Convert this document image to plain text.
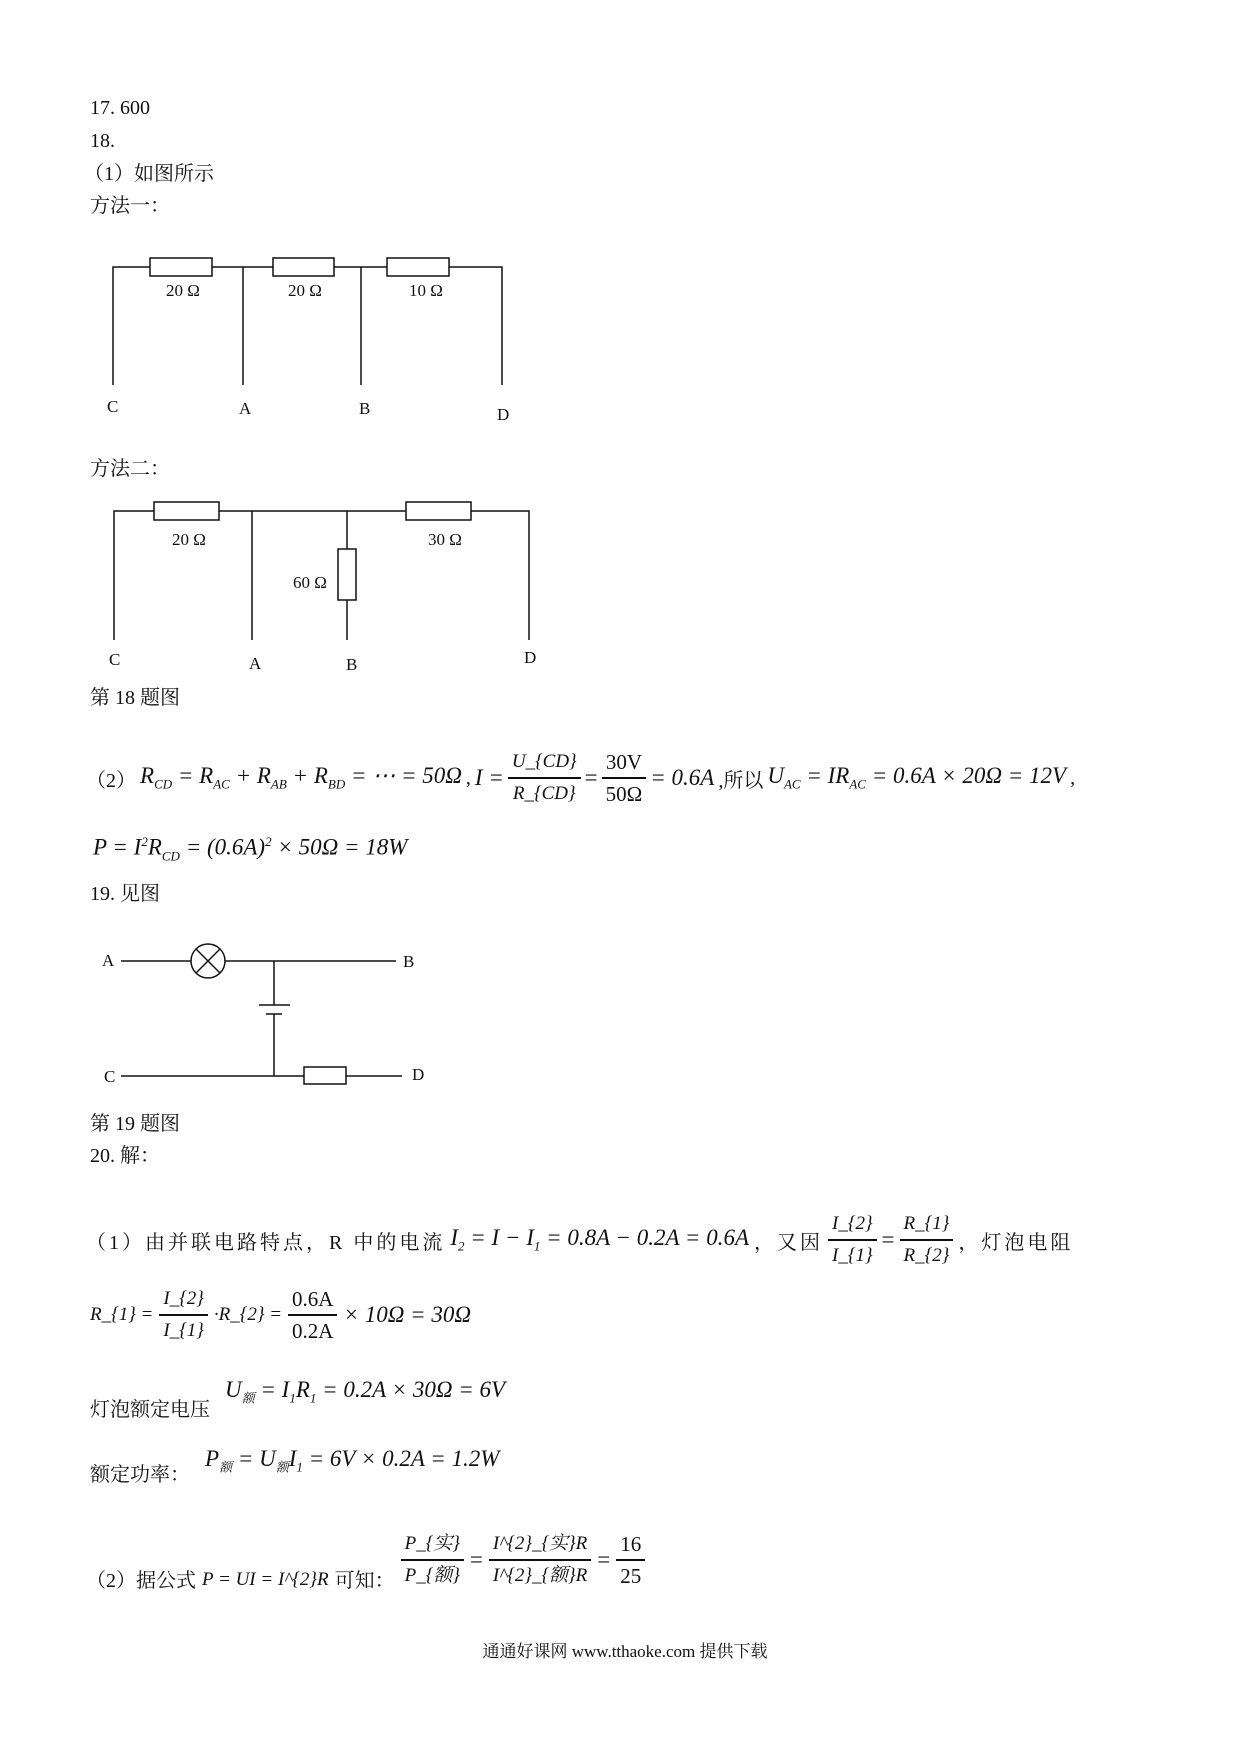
17. 600
18.
（1）如图所示
方法一：
20 Ω	20 Ω	10 Ω
C	A	B	D
方法二：
20 Ω
60 Ω
30 Ω
C	A	B	D
第 18 题图
（2） $R_{CD} = R_{AC} + R_{AB} + R_{BD}$ = ⋯ = 50Ω , $I = \frac{U\_\{CD\}}{R\_\{CD\}} = \frac{30V}{50\Omega} = 0.6A$ ,所以 $U_{AC} = IR_{AC} = 0.6A \times 20\Omega = 12V$ ,
$P = I^2R_{CD} = (0.6A)^2 \times 50\Omega = 18W$
19. 见图
A	B
C	D
第 19 题图
20. 解：
（1）由并联电路特点，R 中的电流 $I_2 = I - I_1 = 0.8A - 0.2A = 0.6A$ ，又因 $\frac{I\_\{2\}}{I\_\{1\}} = \frac{R\_\{1\}}{R\_\{2\}}$ ，灯泡电阻
R_{1} = $\frac{I\_\{2\}}{I\_\{1\}}$ ·R_{2} = $\frac{0.6A}{0.2A} \times 10\Omega = 30\Omega$
灯泡额定电压
$U_额 = I_1R_1 = 0.2A \times 30\Omega = 6V$
额定功率：
$P_额 = U_额I_1 = 6V \times 0.2A = 1.2W$
（2）据公式 P = UI = I^{2}R 可知： $\frac{\text{P\_\{实\}}}{\text{P\_\{额\}}} = \frac{\text{I\textasciicircum{}\{2\}\_\{实\}R}}{\text{I\textasciicircum{}\{2\}\_\{额\}R}} = \frac{16}{25}$
通通好课网 www.tthaoke.com 提供下载
